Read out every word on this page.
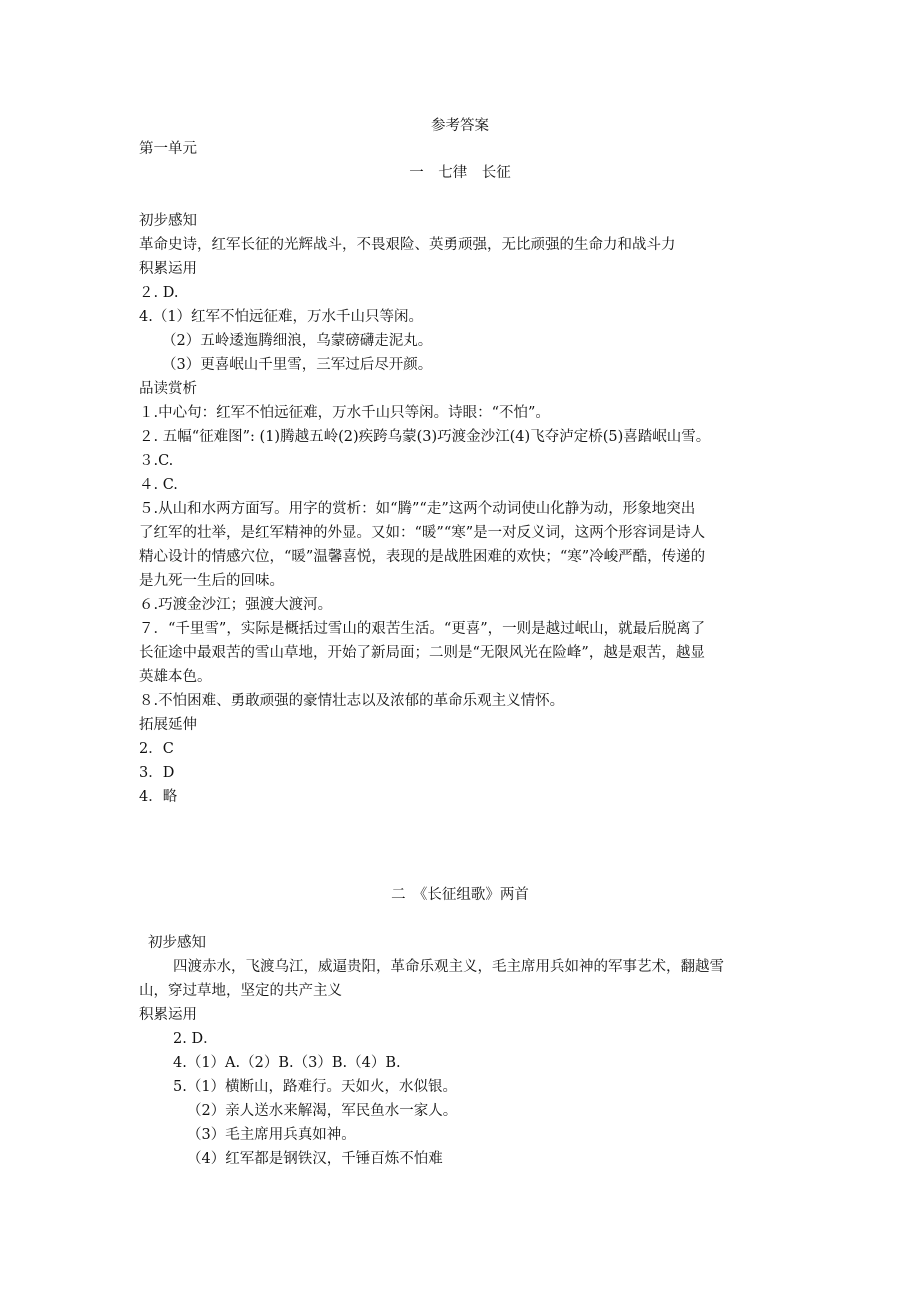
参考答案
第一单元
一　七律　长征
初步感知
革命史诗，红军长征的光辉战斗，不畏艰险、英勇顽强，无比顽强的生命力和战斗力
积累运用
２. D.
4.（1）红军不怕远征难，万水千山只等闲。
（2）五岭逶迤腾细浪，乌蒙磅礴走泥丸。
（3）更喜岷山千里雪，三军过后尽开颜。
品读赏析
１.中心句：红军不怕远征难，万水千山只等闲。诗眼：“不怕”。
２. 五幅“征难图”: (1)腾越五岭(2)疾跨乌蒙(3)巧渡金沙江(4)飞夺泸定桥(5)喜踏岷山雪。
３.C.
４. C.
５.从山和水两方面写。用字的赏析：如“腾”“走”这两个动词使山化静为动，形象地突出
了红军的壮举，是红军精神的外显。又如：“暖”“寒”是一对反义词，这两个形容词是诗人
精心设计的情感穴位，“暖”温馨喜悦，表现的是战胜困难的欢快；“寒”冷峻严酷，传递的
是九死一生后的回味。
６.巧渡金沙江；强渡大渡河。
７．“千里雪”，实际是概括过雪山的艰苦生活。“更喜”，一则是越过岷山，就最后脱离了
长征途中最艰苦的雪山草地，开始了新局面；二则是“无限风光在险峰”，越是艰苦，越显
英雄本色。
８.不怕困难、勇敢顽强的豪情壮志以及浓郁的革命乐观主义情怀。
拓展延伸
2．C
3．D
4．略
二　《长征组歌》两首
初步感知
四渡赤水，飞渡乌江，威逼贵阳，革命乐观主义，毛主席用兵如神的军事艺术，翻越雪
山，穿过草地，坚定的共产主义
积累运用
2. D．
4.（1）A.（2）B.（3）B.（4）B.
5.（1）横断山，路难行。天如火，水似银。
（2）亲人送水来解渴，军民鱼水一家人。
（3）毛主席用兵真如神。
（4）红军都是钢铁汉，千锤百炼不怕难
